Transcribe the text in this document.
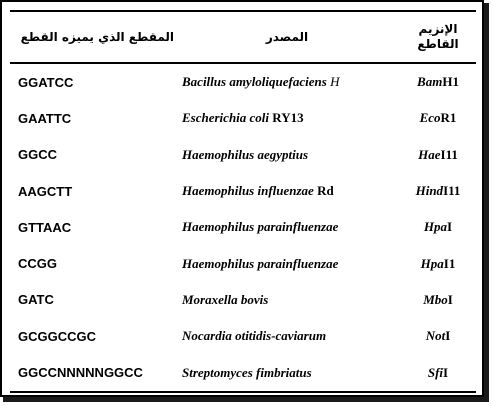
المقطع الذي يميزه القطع	المصدر	الإنزيم
القاطع

GGATCC	Bacillus amyloliquefaciens H	BamH1
GAATTC	Escherichia coli RY13	EcoR1
GGCC	Haemophilus aegyptius	HaeI11
AAGCTT	Haemophilus influenzae Rd	HindI11
GTTAAC	Haemophilus parainfluenzae	HpaI
CCGG	Haemophilus parainfluenzae	HpaI1
GATC	Moraxella bovis	MboI
GCGGCCGC	Nocardia otitidis-caviarum	NotI
GGCCNNNNNGGCC	Streptomyces fimbriatus	SfiI
